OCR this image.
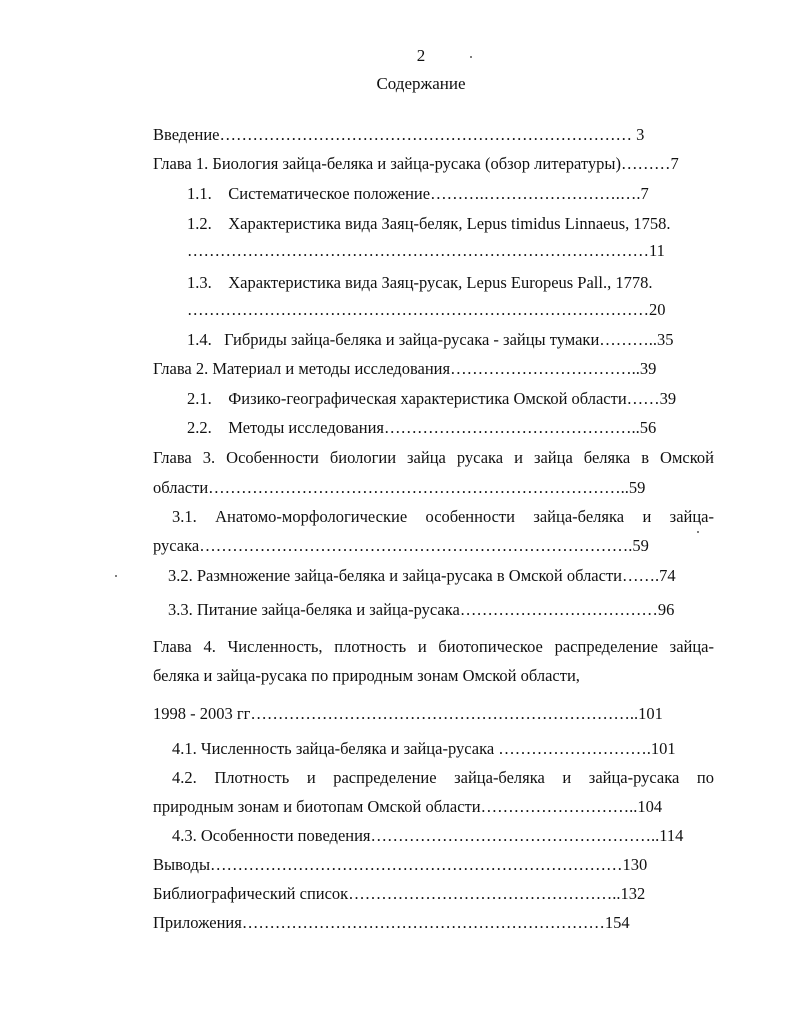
2
Содержание
Введение………………………………………………………………… 3
Глава 1. Биология зайца-беляка и зайца-русака (обзор литературы)………7
1.1.    Систематическое положение……….…………………….….7
1.2.    Характеристика вида Заяц-беляк, Lepus timidus Linnaeus, 1758.
…………………………………………………………………………11
1.3.    Характеристика вида Заяц-русак, Lepus Europeus Pall., 1778.
…………………………………………………………………………20
1.4.   Гибриды зайца-беляка и зайца-русака - зайцы тумаки………..35
Глава 2. Материал и методы исследования……………………………..39
2.1.    Физико-географическая характеристика Омской области……39
2.2.    Методы исследования………………………………………..56
Глава 3. Особенности биологии зайца русака и зайца беляка в Омской
области…………………………………………………………………..59
3.1. Анатомо-морфологические особенности зайца-беляка и зайца-
русака…………………………………………………………………….59
3.2. Размножение зайца-беляка и зайца-русака в Омской области…….74
3.3. Питание зайца-беляка и зайца-русака………………………………96
Глава 4. Численность, плотность и биотопическое распределение зайца-
беляка и зайца-русака по природным зонам Омской области,
1998 - 2003 гг……………………………………………………………..101
4.1. Численность зайца-беляка и зайца-русака ……………………….101
4.2. Плотность и распределение зайца-беляка и зайца-русака по
природным зонам и биотопам Омской области………………………..104
4.3. Особенности поведения……………………………………………..114
Выводы…………………………………………………………………130
Библиографический список…………………………………………..132
Приложения…………………………………………………………154
